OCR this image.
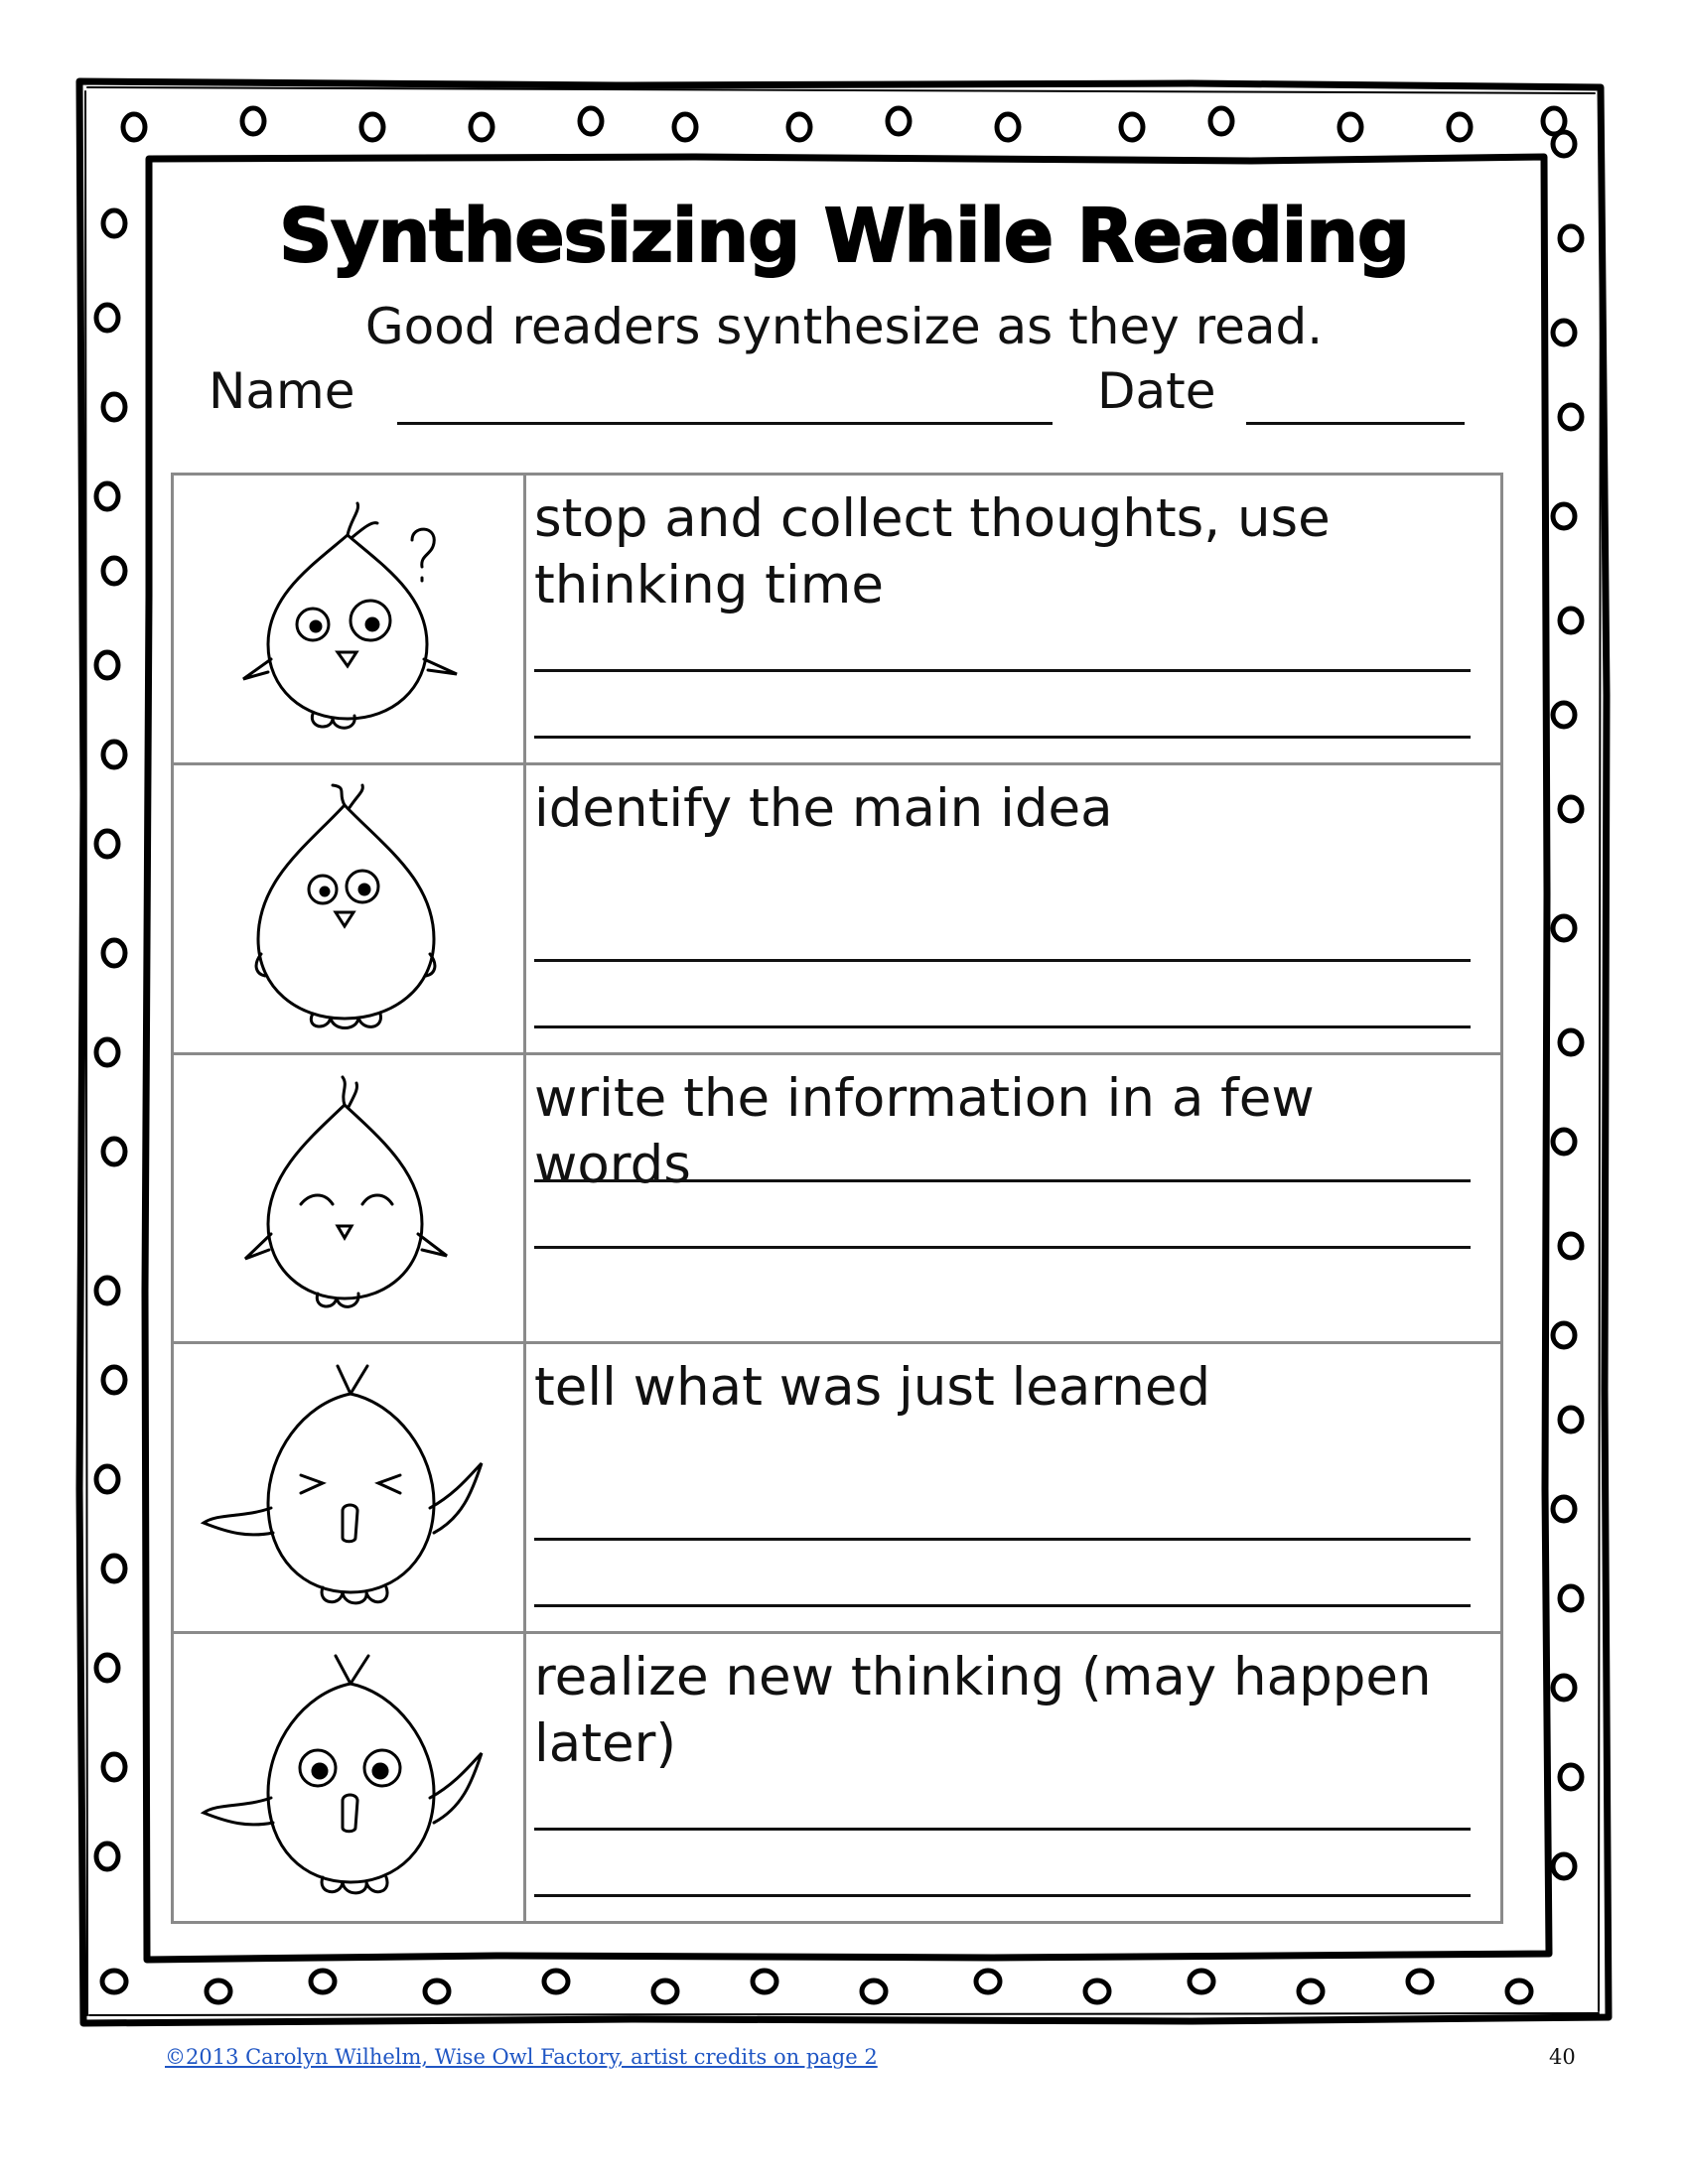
Synthesizing While Reading
Good readers synthesize as they read.
Name	Date

stop and collect thoughts, use thinking time

identify the main idea

write the information in a few words

tell what was just learned

realize new thinking (may happen later)
©2013 Carolyn Wilhelm, Wise Owl Factory, artist credits on page 2	40
